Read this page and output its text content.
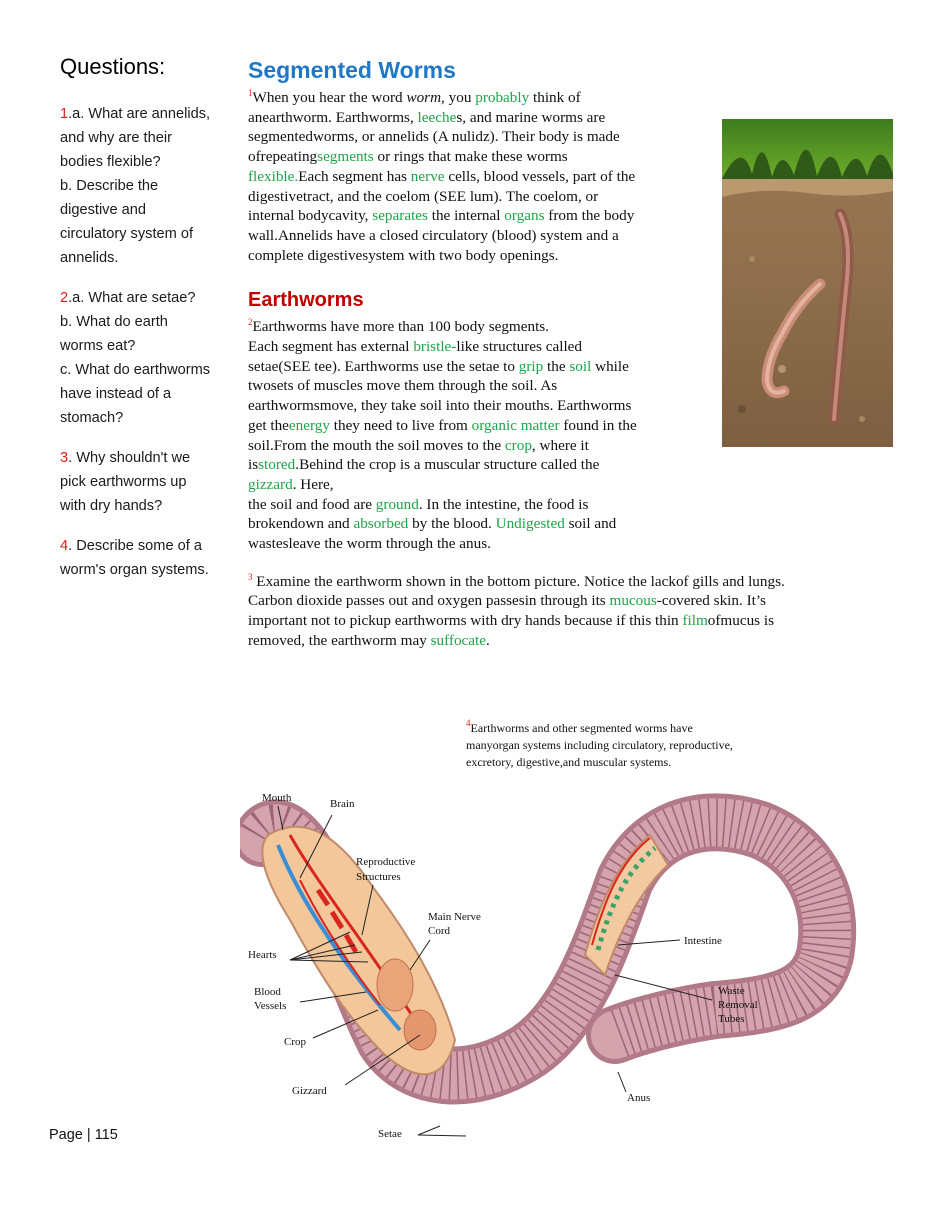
Questions:
1.a. What are annelids,
and why are their
bodies flexible?
b. Describe the
digestive and
circulatory system of
annelids.
2.a. What are setae?
b. What do earth
worms eat?
c. What do earthworms
have instead of a
stomach?
3. Why shouldn't we
pick earthworms up
with dry hands?
4. Describe some of a
worm's organ systems.
Segmented Worms
$^1$When you hear the word worm, you probably think of
anearthworm. Earthworms, leeches, and marine worms are
segmentedworms, or annelids (A nulidz). Their body is made
ofrepeatingsegments or rings that make these worms
flexible.Each segment has nerve cells, blood vessels, part of the
digestivetract, and the coelom (SEE lum). The coelom, or
internal bodycavity, separates the internal organs from the body
wall.Annelids have a closed circulatory (blood) system and a
complete digestivesystem with two body openings.
Earthworms
$^2$Earthworms have more than 100 body segments.
Each segment has external bristle-like structures called
setae(SEE tee). Earthworms use the setae to grip the soil while
twosets of muscles move them through the soil. As
earthwormsmove, they take soil into their mouths. Earthworms
get theenergy they need to live from organic matter found in the
soil.From the mouth the soil moves to the crop, where it
isstored.Behind the crop is a muscular structure called the
gizzard. Here,
the soil and food are ground. In the intestine, the food is
brokendown and absorbed by the blood. Undigested soil and
wastesleave the worm through the anus.
$^3$ Examine the earthworm shown in the bottom picture. Notice the lackof gills and lungs.
Carbon dioxide passes out and oxygen passesin through its mucous-covered skin. It’s
important not to pickup earthworms with dry hands because if this thin filmofmucus is
removed, the earthworm may suffocate.
$^4$Earthworms and other segmented worms have
manyorgan systems including circulatory, reproductive,
excretory, digestive,and muscular systems.
Mouth	Brain
Reproductive
Structures
Main Nerve
Cord
Hearts
Blood
Vessels
Crop
Gizzard
Intestine
Waste
Removal
Tubes
Anus
Setae
Page | 115
